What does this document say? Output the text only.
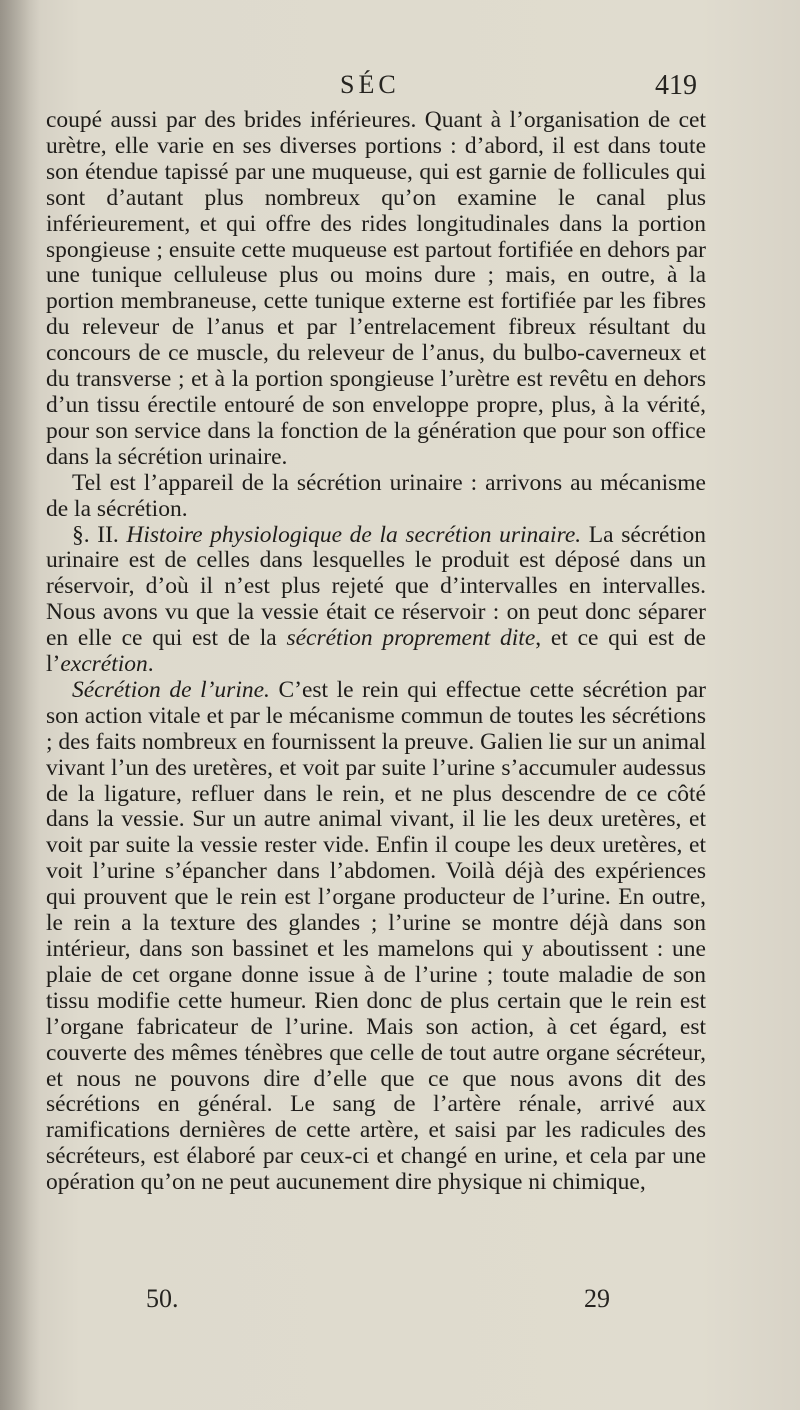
SÉC	419

coupé aussi par des brides inférieures. Quant à l’organisation de cet urètre, elle varie en ses diverses portions : d’abord, il est dans toute son étendue tapissé par une muqueuse, qui est garnie de follicules qui sont d’autant plus nombreux qu’on examine le canal plus inférieurement, et qui offre des rides longitudinales dans la portion spongieuse ; ensuite cette muqueuse est partout fortifiée en dehors par une tunique celluleuse plus ou moins dure ; mais, en outre, à la portion membraneuse, cette tunique externe est fortifiée par les fibres du releveur de l’anus et par l’entrelacement fibreux résultant du concours de ce muscle, du releveur de l’anus, du bulbo-caverneux et du transverse ; et à la portion spongieuse l’urètre est revêtu en dehors d’un tissu érectile entouré de son enveloppe propre, plus, à la vérité, pour son service dans la fonction de la génération que pour son office dans la sécrétion urinaire.

Tel est l’appareil de la sécrétion urinaire : arrivons au mécanisme de la sécrétion.

§. II. Histoire physiologique de la secrétion urinaire. La sécrétion urinaire est de celles dans lesquelles le produit est déposé dans un réservoir, d’où il n’est plus rejeté que d’intervalles en intervalles. Nous avons vu que la vessie était ce réservoir : on peut donc séparer en elle ce qui est de la sécrétion proprement dite, et ce qui est de l’excrétion.

Sécrétion de l’urine. C’est le rein qui effectue cette sécrétion par son action vitale et par le mécanisme commun de toutes les sécrétions ; des faits nombreux en fournissent la preuve. Galien lie sur un animal vivant l’un des uretères, et voit par suite l’urine s’accumuler audessus de la ligature, refluer dans le rein, et ne plus descendre de ce côté dans la vessie. Sur un autre animal vivant, il lie les deux uretères, et voit par suite la vessie rester vide. Enfin il coupe les deux uretères, et voit l’urine s’épancher dans l’abdomen. Voilà déjà des expériences qui prouvent que le rein est l’organe producteur de l’urine. En outre, le rein a la texture des glandes ; l’urine se montre déjà dans son intérieur, dans son bassinet et les mamelons qui y aboutissent : une plaie de cet organe donne issue à de l’urine ; toute maladie de son tissu modifie cette humeur. Rien donc de plus certain que le rein est l’organe fabricateur de l’urine. Mais son action, à cet égard, est couverte des mêmes ténèbres que celle de tout autre organe sécréteur, et nous ne pouvons dire d’elle que ce que nous avons dit des sécrétions en général. Le sang de l’artère rénale, arrivé aux ramifications dernières de cette artère, et saisi par les radicules des sécréteurs, est élaboré par ceux-ci et changé en urine, et cela par une opération qu’on ne peut aucunement dire physique ni chimique,

50.	29
